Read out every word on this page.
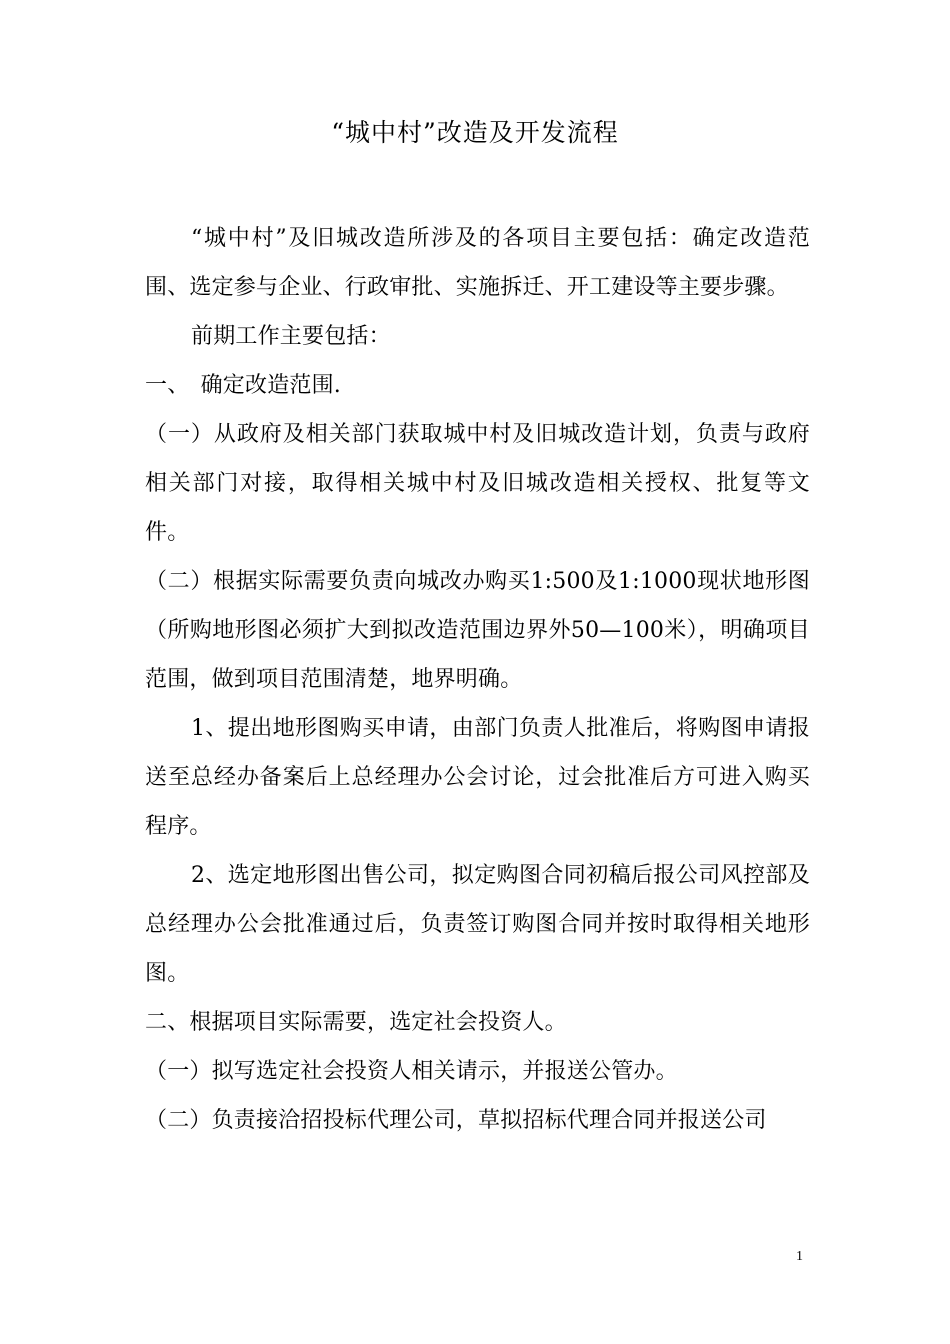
“城中村”改造及开发流程

“城中村”及旧城改造所涉及的各项目主要包括：确定改造范围、选定参与企业、行政审批、实施拆迁、开工建设等主要步骤。

前期工作主要包括：

一、　确定改造范围.

（一）从政府及相关部门获取城中村及旧城改造计划，负责与政府相关部门对接，取得相关城中村及旧城改造相关授权、批复等文件。

（二）根据实际需要负责向城改办购买1:500及1:1000现状地形图（所购地形图必须扩大到拟改造范围边界外50—100米），明确项目范围，做到项目范围清楚，地界明确。

1、提出地形图购买申请，由部门负责人批准后，将购图申请报送至总经办备案后上总经理办公会讨论，过会批准后方可进入购买程序。

2、选定地形图出售公司，拟定购图合同初稿后报公司风控部及总经理办公会批准通过后，负责签订购图合同并按时取得相关地形图。

二、根据项目实际需要，选定社会投资人。

（一）拟写选定社会投资人相关请示，并报送公管办。

（二）负责接洽招投标代理公司，草拟招标代理合同并报送公司

1
